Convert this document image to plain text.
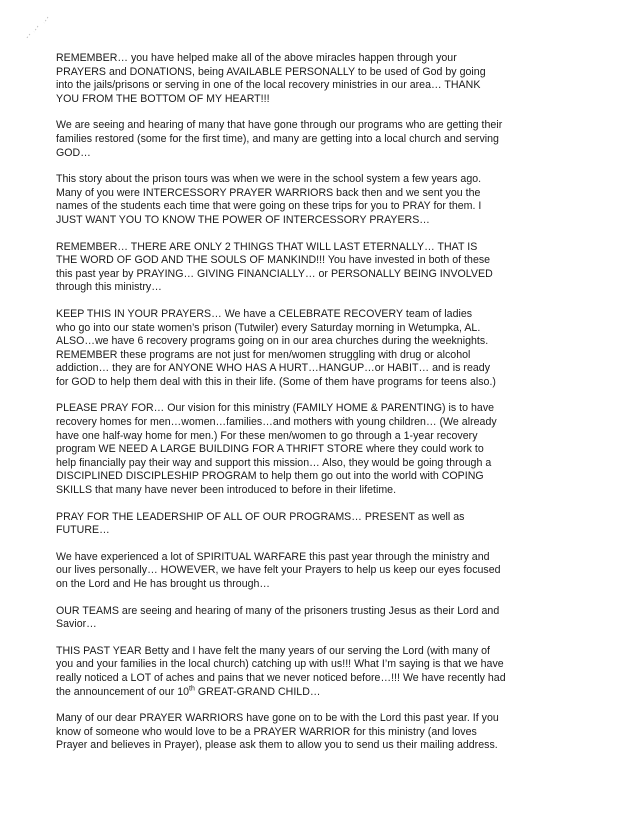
REMEMBER… you have helped make all of the above miracles happen through your
PRAYERS and DONATIONS, being AVAILABLE PERSONALLY to be used of God by going
into the jails/prisons or serving in one of the local recovery ministries in our area… THANK
YOU FROM THE BOTTOM OF MY HEART!!!

We are seeing and hearing of many that have gone through our programs who are getting their
families restored (some for the first time), and many are getting into a local church and serving
GOD…

This story about the prison tours was when we were in the school system a few years ago.
Many of you were INTERCESSORY PRAYER WARRIORS back then and we sent you the
names of the students each time that were going on these trips for you to PRAY for them. I
JUST WANT YOU TO KNOW THE POWER OF INTERCESSORY PRAYERS…

REMEMBER… THERE ARE ONLY 2 THINGS THAT WILL LAST ETERNALLY… THAT IS
THE WORD OF GOD AND THE SOULS OF MANKIND!!! You have invested in both of these
this past year by PRAYING… GIVING FINANCIALLY… or PERSONALLY BEING INVOLVED
through this ministry…

KEEP THIS IN YOUR PRAYERS… We have a CELEBRATE RECOVERY team of ladies
who go into our state women’s prison (Tutwiler) every Saturday morning in Wetumpka, AL.
ALSO…we have 6 recovery programs going on in our area churches during the weeknights.
REMEMBER these programs are not just for men/women struggling with drug or alcohol
addiction… they are for ANYONE WHO HAS A HURT…HANGUP…or HABIT… and is ready
for GOD to help them deal with this in their life. (Some of them have programs for teens also.)

PLEASE PRAY FOR… Our vision for this ministry (FAMILY HOME & PARENTING) is to have
recovery homes for men…women…families…and mothers with young children… (We already
have one half-way home for men.) For these men/women to go through a 1-year recovery
program WE NEED A LARGE BUILDING FOR A THRIFT STORE where they could work to
help financially pay their way and support this mission… Also, they would be going through a
DISCIPLINED DISCIPLESHIP PROGRAM to help them go out into the world with COPING
SKILLS that many have never been introduced to before in their lifetime.

PRAY FOR THE LEADERSHIP OF ALL OF OUR PROGRAMS… PRESENT as well as
FUTURE…

We have experienced a lot of SPIRITUAL WARFARE this past year through the ministry and
our lives personally… HOWEVER, we have felt your Prayers to help us keep our eyes focused
on the Lord and He has brought us through…

OUR TEAMS are seeing and hearing of many of the prisoners trusting Jesus as their Lord and
Savior…

THIS PAST YEAR Betty and I have felt the many years of our serving the Lord (with many of
you and your families in the local church) catching up with us!!! What I’m saying is that we have
really noticed a LOT of aches and pains that we never noticed before…!!! We have recently had
the announcement of our 10th GREAT-GRAND CHILD…

Many of our dear PRAYER WARRIORS have gone on to be with the Lord this past year. If you
know of someone who would love to be a PRAYER WARRIOR for this ministry (and loves
Prayer and believes in Prayer), please ask them to allow you to send us their mailing address.
